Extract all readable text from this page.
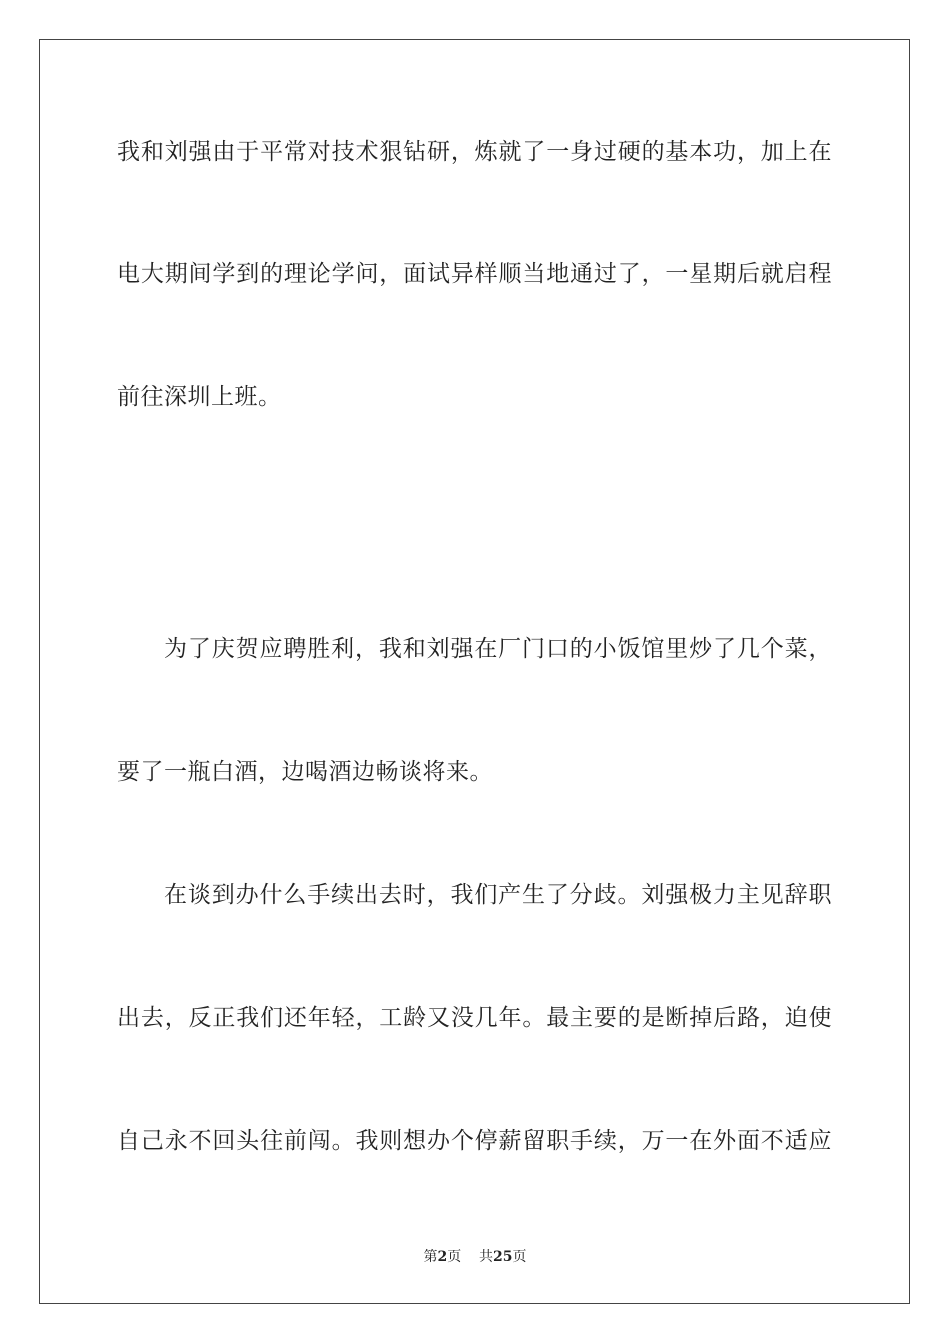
我和刘强由于平常对技术狠钻研，炼就了一身过硬的基本功，加上在
电大期间学到的理论学问，面试异样顺当地通过了，一星期后就启程
前往深圳上班。
为了庆贺应聘胜利，我和刘强在厂门口的小饭馆里炒了几个菜，
要了一瓶白酒，边喝酒边畅谈将来。
在谈到办什么手续出去时，我们产生了分歧。刘强极力主见辞职
出去，反正我们还年轻，工龄又没几年。最主要的是断掉后路，迫使
自己永不回头往前闯。我则想办个停薪留职手续，万一在外面不适应
第2页 共25页
